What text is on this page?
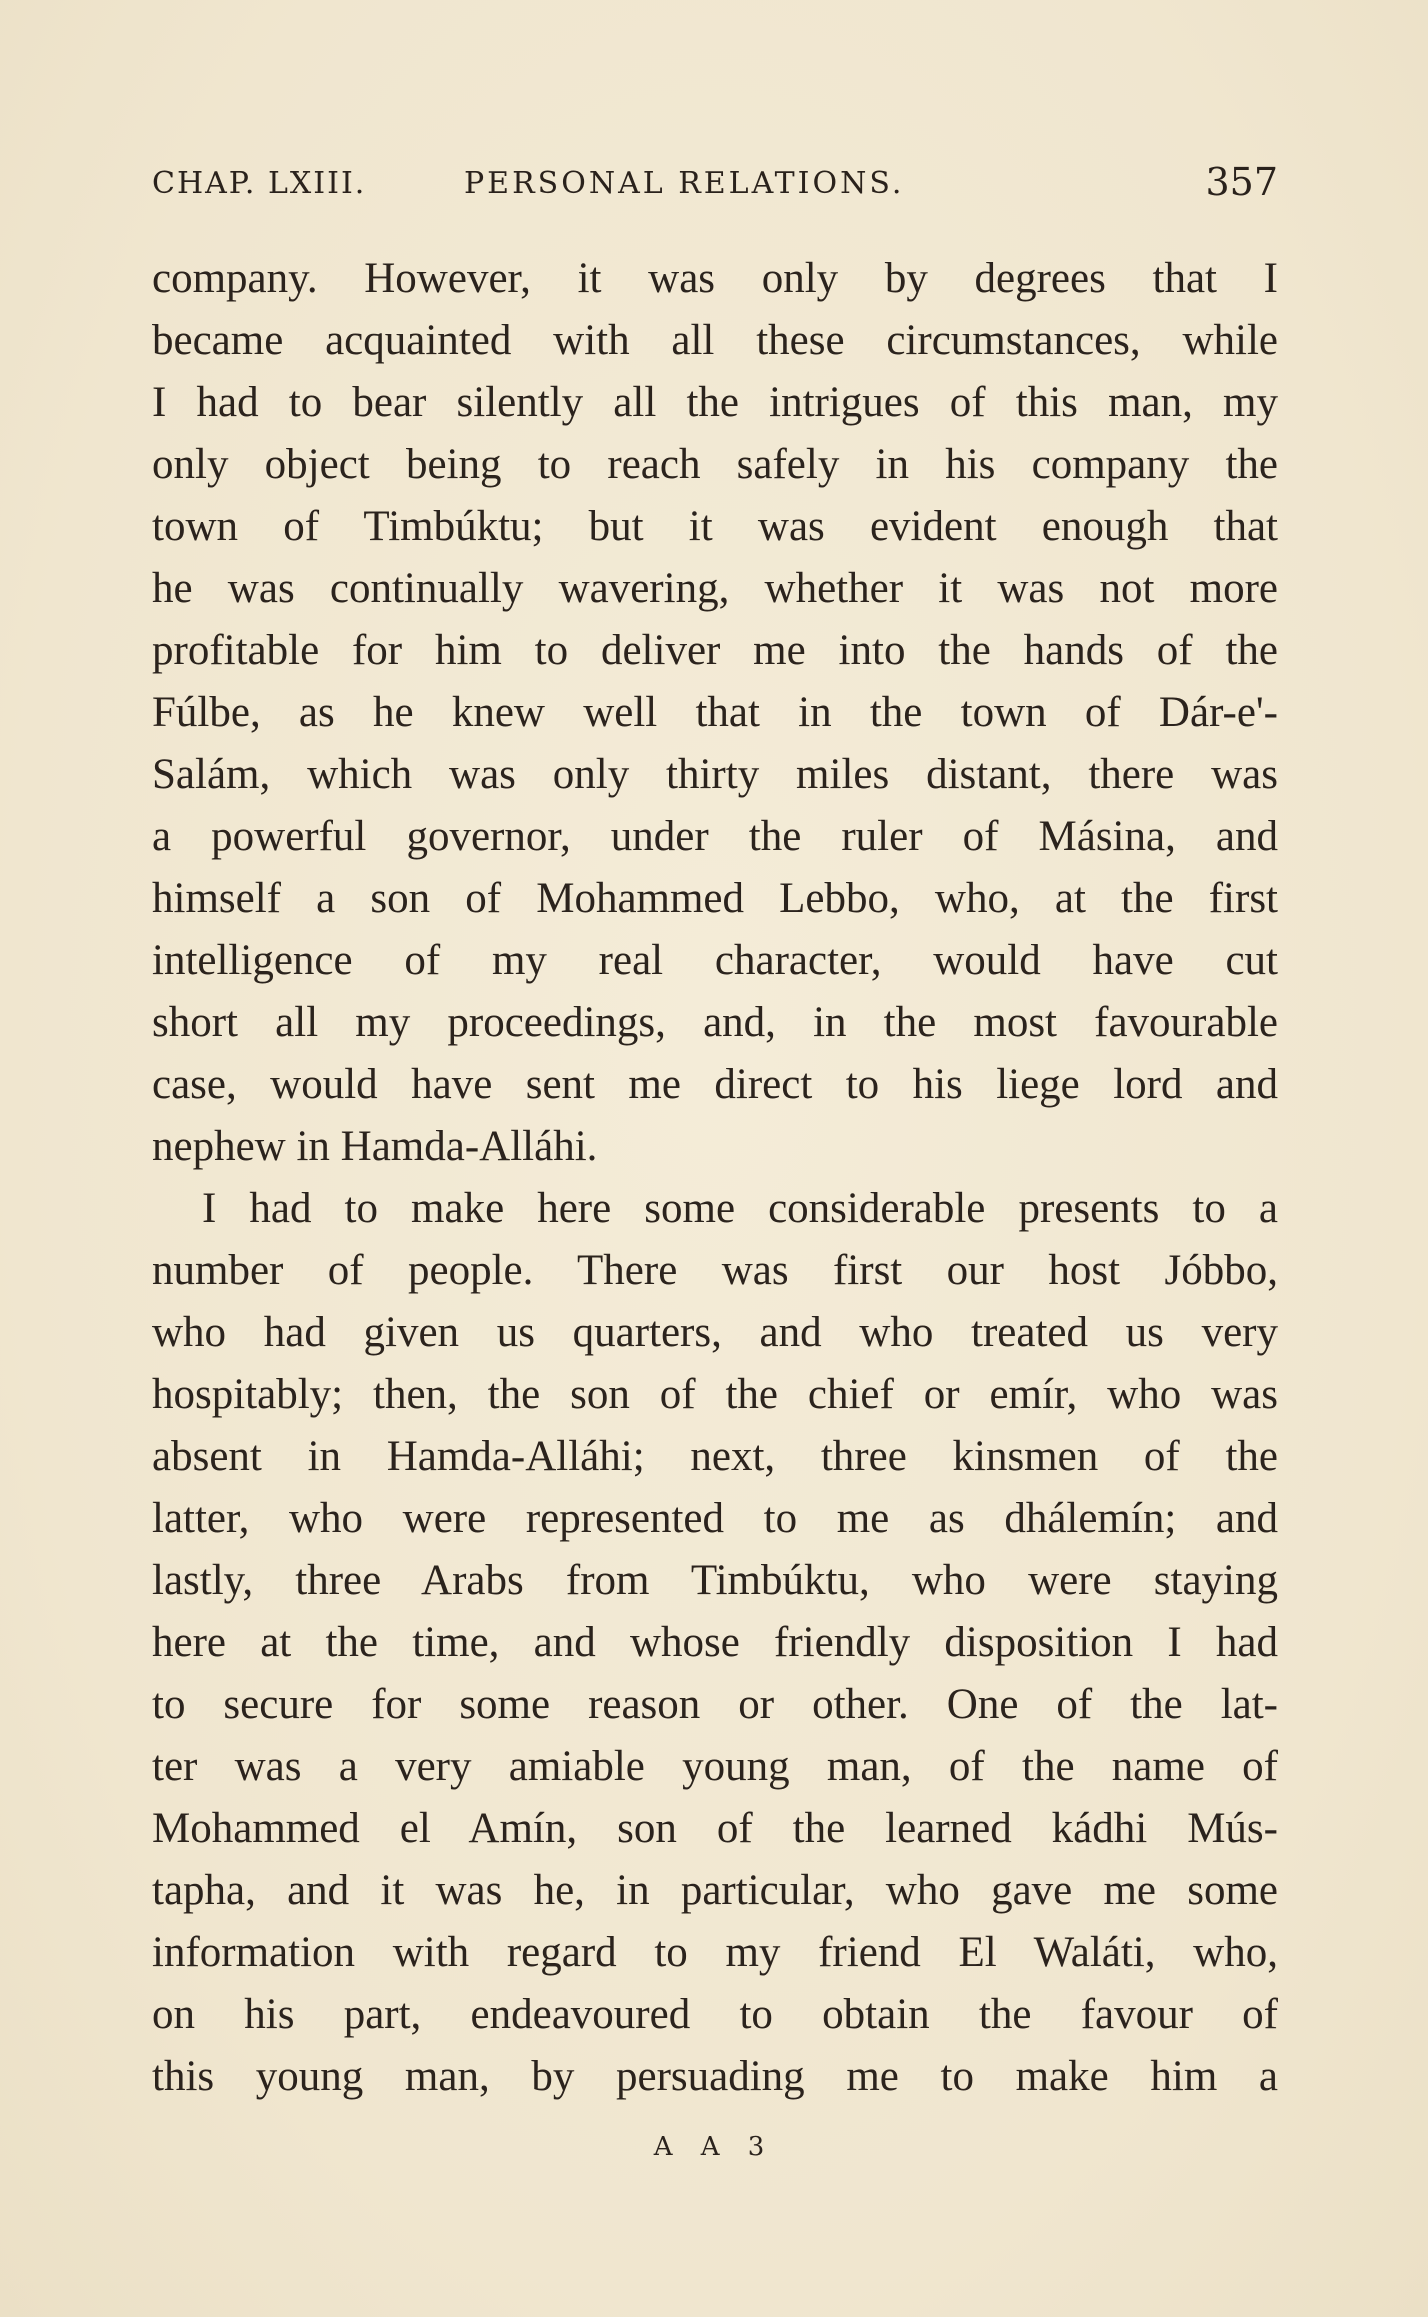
CHAP. LXIII.	PERSONAL RELATIONS.	357
company. However, it was only by degrees that I
became acquainted with all these circumstances, while
I had to bear silently all the intrigues of this man, my
only object being to reach safely in his company the
town of Timbúktu; but it was evident enough that
he was continually wavering, whether it was not more
profitable for him to deliver me into the hands of the
Fúlbe, as he knew well that in the town of Dár-e'-
Salám, which was only thirty miles distant, there was
a powerful governor, under the ruler of Másina, and
himself a son of Mohammed Lebbo, who, at the first
intelligence of my real character, would have cut
short all my proceedings, and, in the most favourable
case, would have sent me direct to his liege lord and
nephew in Hamda-Alláhi.
I had to make here some considerable presents to a
number of people. There was first our host Jóbbo,
who had given us quarters, and who treated us very
hospitably; then, the son of the chief or emír, who was
absent in Hamda-Alláhi; next, three kinsmen of the
latter, who were represented to me as dhálemín; and
lastly, three Arabs from Timbúktu, who were staying
here at the time, and whose friendly disposition I had
to secure for some reason or other. One of the lat-
ter was a very amiable young man, of the name of
Mohammed el Amín, son of the learned kádhi Mús-
tapha, and it was he, in particular, who gave me some
information with regard to my friend El Waláti, who,
on his part, endeavoured to obtain the favour of
this young man, by persuading me to make him a
A A 3
